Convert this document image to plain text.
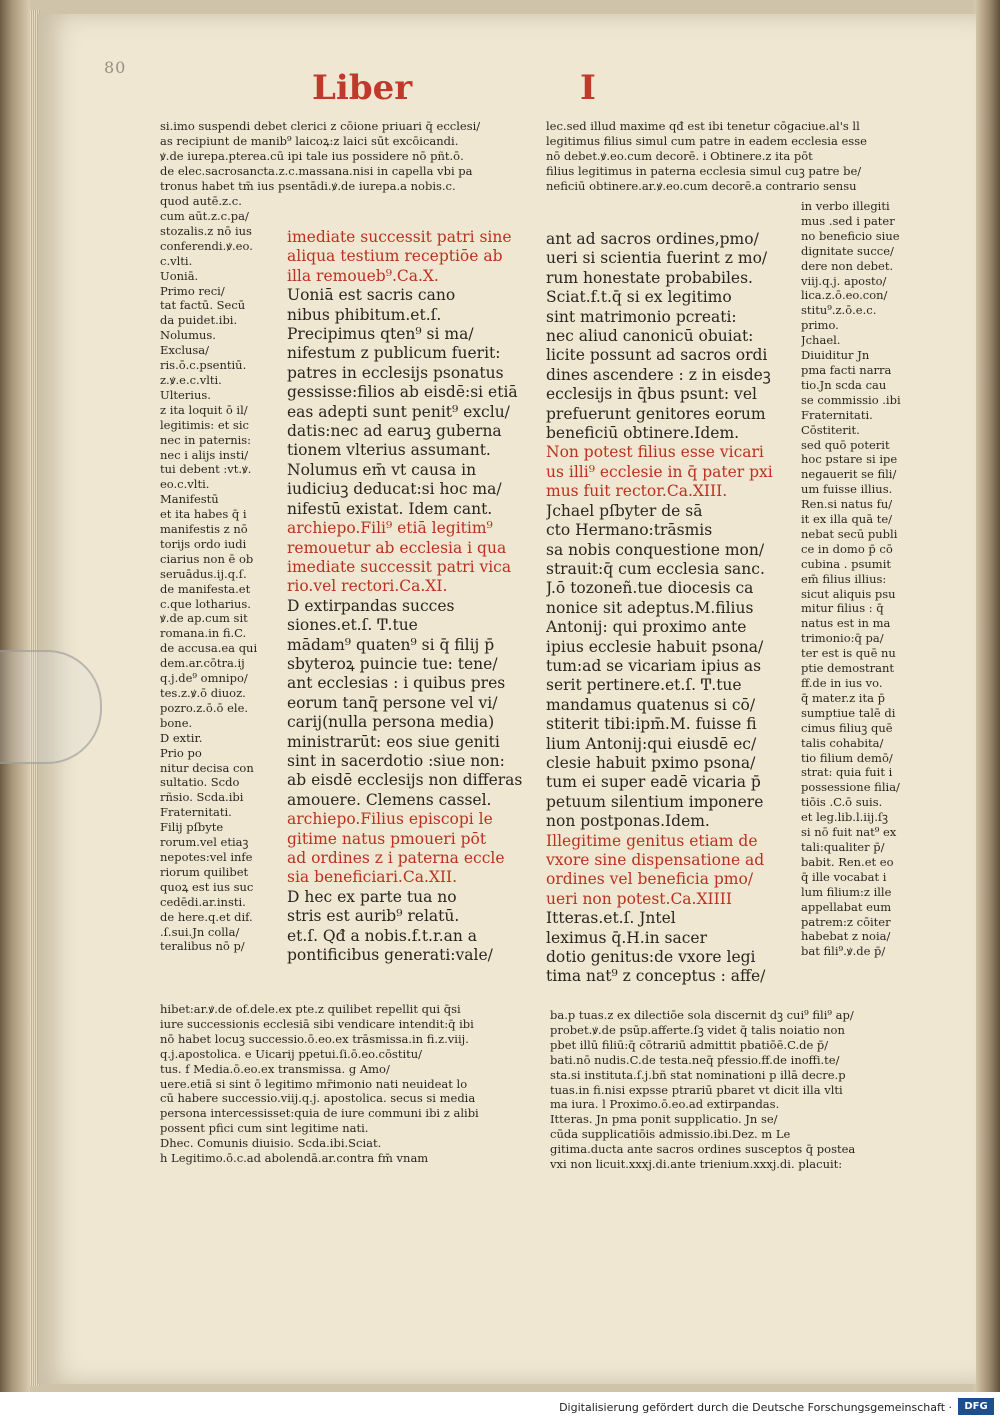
80
Liber	I
si.imo suspendi debet clerici z cōione priuari q̄ ecclesi/
as recipiunt de manib⁹ laicoꝝ:z laici sūt excōicandi.
ꝟ.de iurepa.pterea.cū ipi tale ius possidere nō pñt.ō.
de elec.sacrosancta.z.c.massana.nisi in capella vbi pa
tronus habet tm̄ ius psentādi.ꝟ.de iurepa.a nobis.c.
quod autē.z.c.
lec.sed illud maxime qđ est ibi tenetur cōgaciue.al's ll
legitimus filius simul cum patre in eadem ecclesia esse
nō debet.ꝟ.eo.cum decorē. i Obtinere.z ita pōt
filius legitimus in paterna ecclesia simul cuꝫ patre be/
neficiū obtinere.ar.ꝟ.eo.cum decorē.a contrario sensu
cum aūt.z.c.pa/
stozalis.z nō ius
conferendi.ꝟ.eo.
c.vlti.
Uoniā.
Primo reci/
tat factū. Secū
da puidet.ibi.
Nolumus.
Exclusa/
ris.ō.c.psentiū.
z.ꝟ.e.c.vlti.
Ulterius.
z ita loquit ō il/
legitimis: et sic
nec in paternis:
nec i alijs insti/
tui debent :vt.ꝟ.
eo.c.vlti.
Manifestū
et ita habes q̄ i
manifestis z nō
torijs ordo iudi
ciarius non ē ob
seruādus.ij.q.ſ.
de manifesta.et
c.que lotharius.
ꝟ.de ap.cum sit
romana.in fi.C.
de accusa.ea qui
dem.ar.cōtra.ij
q.j.de⁹ omnipo/
tes.z.ꝟ.ō diuoz.
pozro.z.ō.ō ele.
bone.
D extir.
Prio po
nitur decisa con
sultatio. Scdo
rñsio. Scda.ibi
Fraternitati.
Filij pſbyte
rorum.vel etiaꝫ
nepotes:vel infe
riorum quilibet
quoꝝ est ius suc
cedēdi.ar.insti.
de here.q.et dif.
.ſ.sui.Jn colla/
teralibus nō p/
imediate successit patri sine
aliqua testium receptiōe ab
illa remoueb⁹.Ca.X.
Uoniā est sacris cano
nibus phibitum.et.ſ.
Precipimus qten⁹ si ma/
nifestum z publicum fuerit:
patres in ecclesijs psonatus
gessisse:filios ab eisdē:si etiā
eas adepti sunt penit⁹ exclu/
datis:nec ad earuꝫ guberna
tionem vlterius assumant.
Nolumus em̄ vt causa in
iudiciuꝫ deducat:si hoc ma/
nifestū existat. Idem cant.
archiepo.Fili⁹ etiā legitim⁹
remouetur ab ecclesia i qua
imediate successit patri vica
rio.vel rectori.Ca.XI.
D extirpandas succes
siones.et.ſ. Ͳ.tue
mādam⁹ quaten⁹ si q̄ filij p̄
sbyteroꝝ puincie tue: tene/
ant ecclesias : i quibus pres
eorum tanq̄ persone vel vi/
carij(nulla persona media)
ministrarūt: eos siue geniti
sint in sacerdotio :siue non:
ab eisdē ecclesijs non differas
amouere. Clemens cassel.
archiepo.Filius episcopi le
gitime natus pmoueri pōt
ad ordines z i paterna eccle
sia beneficiari.Ca.XII.
D hec ex parte tua no
stris est aurib⁹ relatū.
et.ſ. Qđ a nobis.f.t.r.an a
pontificibus generati:vale/
ant ad sacros ordines,pmo/
ueri si scientia fuerint z mo/
rum honestate probabiles.
Sciat.f.t.q̄ si ex legitimo
sint matrimonio pcreati:
nec aliud canonicū obuiat:
licite possunt ad sacros ordi
dines ascendere : z in eisdeꝫ
ecclesijs in q̄bus psunt: vel
prefuerunt genitores eorum
beneficiū obtinere.Idem.
Non potest filius esse vicari
us illi⁹ ecclesie in q̄ pater pxi
mus fuit rector.Ca.XIII.
Jchael pſbyter de sā
cto Hermano:trāsmis
sa nobis conquestione mon/
strauit:q̄ cum ecclesia sanc.
J.ō tozoneñ.tue diocesis ca
nonice sit adeptus.M.filius
Antonij: qui proximo ante
ipius ecclesie habuit psona/
tum:ad se vicariam ipius as
serit pertinere.et.ſ. Ͳ.tue
mandamus quatenus si cō/
stiterit tibi:ipm̄.M. fuisse fi
lium Antonij:qui eiusdē ec/
clesie habuit pximo psona/
tum ei super eadē vicaria p̄
petuum silentium imponere
non postponas.Idem.
Illegitime genitus etiam de
vxore sine dispensatione ad
ordines vel beneficia pmo/
ueri non potest.Ca.XIIII
Itteras.et.ſ. Jntel
leximus q̄.H.in sacer
dotio genitus:de vxore legi
tima nat⁹ z conceptus : affe/
in verbo illegiti
mus .sed i pater
no beneficio siue
dignitate succe/
dere non debet.
viij.q.j. aposto/
lica.z.ō.eo.con/
stitu⁹.z.ō.e.c.
primo.
Jchael.
Diuiditur Jn
pma facti narra
tio.Jn scda cau
se commissio .ibi
Fraternitati.
Cōstiterit.
sed quō poterit
hoc pstare si ipe
negauerit se fili/
um fuisse illius.
Ren.si natus fu/
it ex illa quā te/
nebat secū publi
ce in domo p̄ cō
cubina . psumit
em̄ filius illius:
sicut aliquis psu
mitur filius : q̄
natus est in ma
trimonio:q̄ pa/
ter est is quē nu
ptie demostrant
ff.de in ius vo.
q̄ mater.z ita p̄
sumptiue talē di
cimus filiuꝫ quē
talis cohabita/
tio filium demō/
strat: quia fuit i
possessione filia/
tiōis .C.ō suis.
et leg.lib.l.iij.ſꝫ
si nō fuit nat⁹ ex
tali:qualiter p̄/
babit. Ren.et eo
q̄ ille vocabat i
lum filium:z ille
appellabat eum
patrem:z cōiter
habebat z noia/
bat fili⁹.ꝟ.de p̄/
hibet:ar.ꝟ.de of.dele.ex pte.z quilibet repellit qui q̄si
iure successionis ecclesiā sibi vendicare intendit:q̄ ibi
nō habet locuꝫ successio.ō.eo.ex trāsmissa.in fi.z.viij.
q.j.apostolica. e Uicarij ppetui.ſi.ō.eo.cōstitu/
tus. f Media.ō.eo.ex transmissa. g Amo/
uere.etiā si sint ō legitimo mr̄imonio nati neuideat lo
cū habere successio.viij.q.j. apostolica. secus si media
persona intercessisset:quia de iure communi ibi z alibi
possent pfici cum sint legitime nati.
Dhec. Comunis diuisio. Scda.ibi.Sciat.
h Legitimo.ō.c.ad abolendā.ar.contra fm̄ vnam
ba.p tuas.z ex dilectiōe sola discernit dꝫ cui⁹ fili⁹ ap/
probet.ꝟ.de psūp.afferte.ſꝫ videt q̄ talis noiatio non
pbet illū filiū:q̄ cōtrariū admittit pbatiōē.C.de p̄/
bati.nō nudis.C.de testa.neq̄ pfessio.ff.de inoffi.te/
sta.si instituta.ſ.j.bñ stat nominationi p illā decre.p
tuas.in fi.nisi expsse ptrariū pbaret vt dicit illa vlti
ma iura. l Proximo.ō.eo.ad extirpandas.
Itteras. Jn pma ponit supplicatio. Jn se/
cūda supplicatiōis admissio.ibi.Dez. m Le
gitima.ducta ante sacros ordines susceptos q̄ postea
vxi non licuit.xxxj.di.ante trienium.xxxj.di. placuit:
Digitalisierung gefördert durch die Deutsche Forschungsgemeinschaft ·	DFG
